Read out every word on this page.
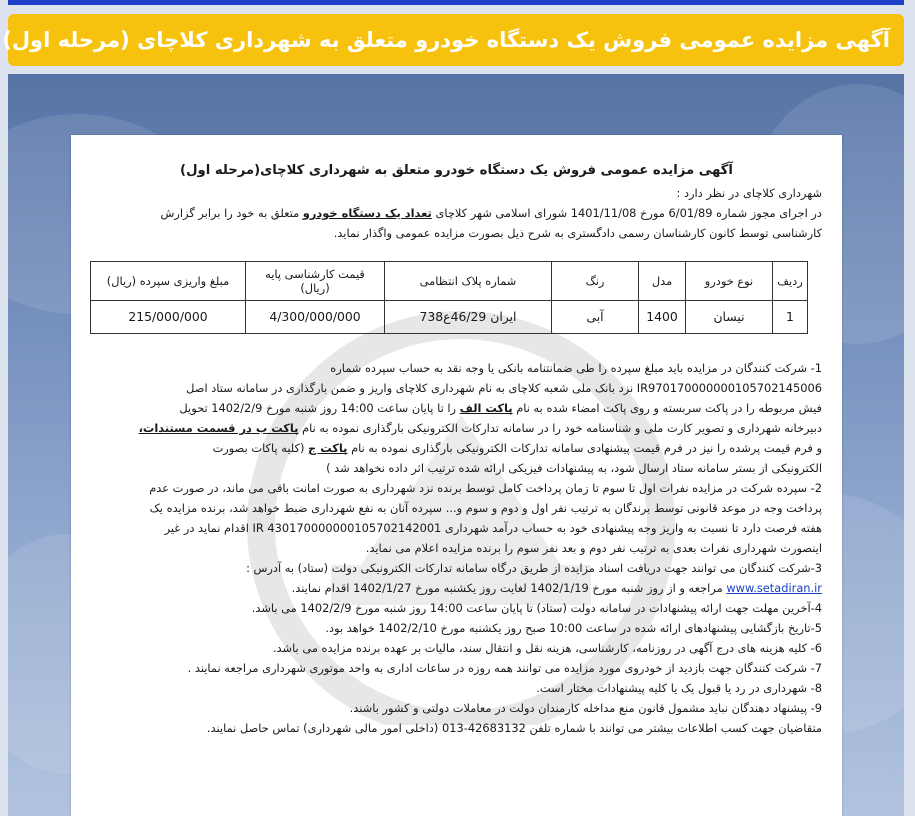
آگهی مزایده عمومی فروش یک دستگاه خودرو متعلق به شهرداری کلاچای (مرحله اول)
آگهی مزایده عمومی فروش یک دستگاه خودرو متعلق به شهرداری کلاچای(مرحله اول)
شهرداری کلاچای در نظر دارد :
در اجرای مجوز شماره 6/01/89 مورخ 1401/11/08 شورای اسلامی شهر کلاچای تعداد یک دستگاه خودرو متعلق به خود را برابر گزارش
کارشناسی توسط کانون کارشناسان رسمی دادگستری به شرح ذیل بصورت مزایده عمومی واگذار نماید.
ردیف	نوع خودرو	مدل	رنگ	شماره پلاک انتظامی	قیمت کارشناسی پایه (ریال)	مبلغ واریزی سپرده (ریال)
1	نیسان	1400	آبی	ایران 46/29ع738	4/300/000/000	215/000/000
1- شرکت کنندگان در مزایده باید مبلغ سپرده را طی ضمانتنامه بانکی یا وجه نقد به حساب سپرده شماره
IR970170000000105702145006 نزد بانک ملی شعبه کلاچای به نام شهرداری کلاچای واریز و ضمن بارگذاری در سامانه ستاد اصل
فیش مربوطه را در پاکت سربسته و روی پاکت امضاء شده به نام پاکت الف را تا پایان ساعت 14:00 روز شنبه مورخ 1402/2/9 تحویل
دبیرخانه شهرداری و تصویر کارت ملی و شناسنامه خود را در سامانه تدارکات الکترونیکی بارگذاری نموده به نام پاکت ب در قسمت مستندات،
و فرم قیمت پرشده را نیز در فرم قیمت پیشنهادی سامانه تدارکات الکترونیکی بارگذاری نموده به نام پاکت ج (کلیه پاکات بصورت
الکترونیکی از بستر سامانه ستاد ارسال شود، به پیشنهادات فیزیکی ارائه شده ترتیب اثر داده نخواهد شد )
2- سپرده شرکت در مزایده نفرات اول تا سوم تا زمان پرداخت کامل توسط برنده نزد شهرداری به صورت امانت باقی می ماند، در صورت عدم
پرداخت وجه در موعد قانونی توسط برندگان به ترتیب نفر اول و دوم و سوم و... سپرده آنان به نفع شهرداری ضبط خواهد شد، برنده مزایده یک
هفته فرصت دارد تا نسبت به واریز وجه پیشنهادی خود به حساب درآمد شهرداری IR 430170000000105702142001 اقدام نماید در غیر
اینصورت شهرداری نفرات بعدی به ترتیب نفر دوم و بعد نفر سوم را برنده مزایده اعلام می نماید.
3-شرکت کنندگان می توانند جهت دریافت اسناد مزایده از طریق درگاه سامانه تدارکات الکترونیکی دولت (ستاد) به آدرس :
www.setadiran.ir مراجعه و از روز شنبه مورخ 1402/1/19 لغایت روز یکشنبه مورخ 1402/1/27 اقدام نمایند.
4-آخرین مهلت جهت ارائه پیشنهادات در سامانه دولت (ستاد) تا پایان ساعت 14:00 روز شنبه مورخ 1402/2/9 می باشد.
5-تاریخ بازگشایی پیشنهادهای ارائه شده در ساعت 10:00 صبح روز یکشنبه مورخ 1402/2/10 خواهد بود.
6- کلیه هزینه های درج آگهی در روزنامه، کارشناسی، هزینه نقل و انتقال سند، مالیات بر عهده برنده مزایده می باشد.
7- شرکت کنندگان جهت بازدید از خودروی مورد مزایده می توانند همه روزه در ساعات اداری به واحد موتوری شهرداری مراجعه نمایند .
8- شهرداری در رد یا قبول یک یا کلیه پیشنهادات مختار است.
9- پیشنهاد دهندگان نباید مشمول قانون منع مداخله کارمندان دولت در معاملات دولتی و کشور باشند.
متقاضیان جهت کسب اطلاعات بیشتر می توانند با شماره تلفن 42683132-013 (داخلی امور مالی شهرداری) تماس حاصل نمایند.
